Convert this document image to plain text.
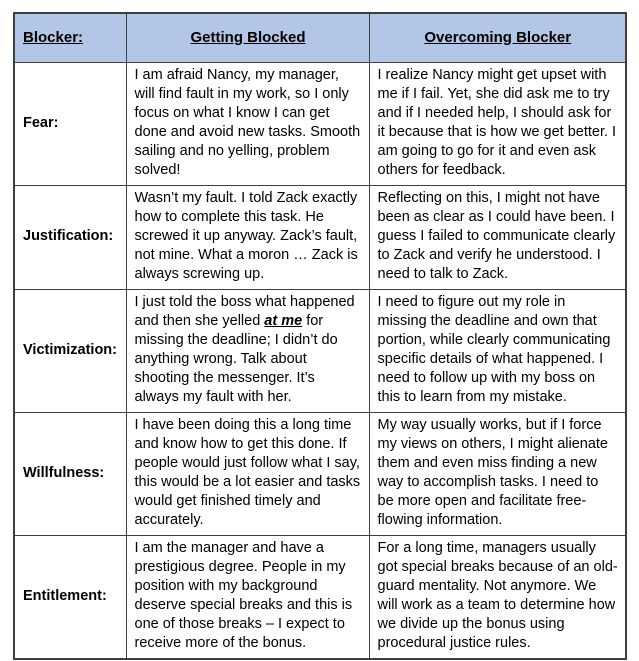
Blocker:	Getting Blocked	Overcoming Blocker
Fear:	I am afraid Nancy, my manager, will find fault in my work, so I only focus on what I know I can get done and avoid new tasks. Smooth sailing and no yelling, problem solved!	I realize Nancy might get upset with me if I fail. Yet, she did ask me to try and if I needed help, I should ask for it because that is how we get better. I am going to go for it and even ask others for feedback.
Justification:	Wasn’t my fault. I told Zack exactly how to complete this task. He screwed it up anyway. Zack’s fault, not mine. What a moron … Zack is always screwing up.	Reflecting on this, I might not have been as clear as I could have been. I guess I failed to communicate clearly to Zack and verify he understood. I need to talk to Zack.
Victimization:	I just told the boss what happened and then she yelled at me for missing the deadline; I didn’t do anything wrong. Talk about shooting the messenger. It’s always my fault with her.	I need to figure out my role in missing the deadline and own that portion, while clearly communicating specific details of what happened. I need to follow up with my boss on this to learn from my mistake.
Willfulness:	I have been doing this a long time and know how to get this done. If people would just follow what I say, this would be a lot easier and tasks would get finished timely and accurately.	My way usually works, but if I force my views on others, I might alienate them and even miss finding a new way to accomplish tasks. I need to be more open and facilitate free-flowing information.
Entitlement:	I am the manager and have a prestigious degree. People in my position with my background deserve special breaks and this is one of those breaks – I expect to receive more of the bonus.	For a long time, managers usually got special breaks because of an old-guard mentality. Not anymore. We will work as a team to determine how we divide up the bonus using procedural justice rules.
